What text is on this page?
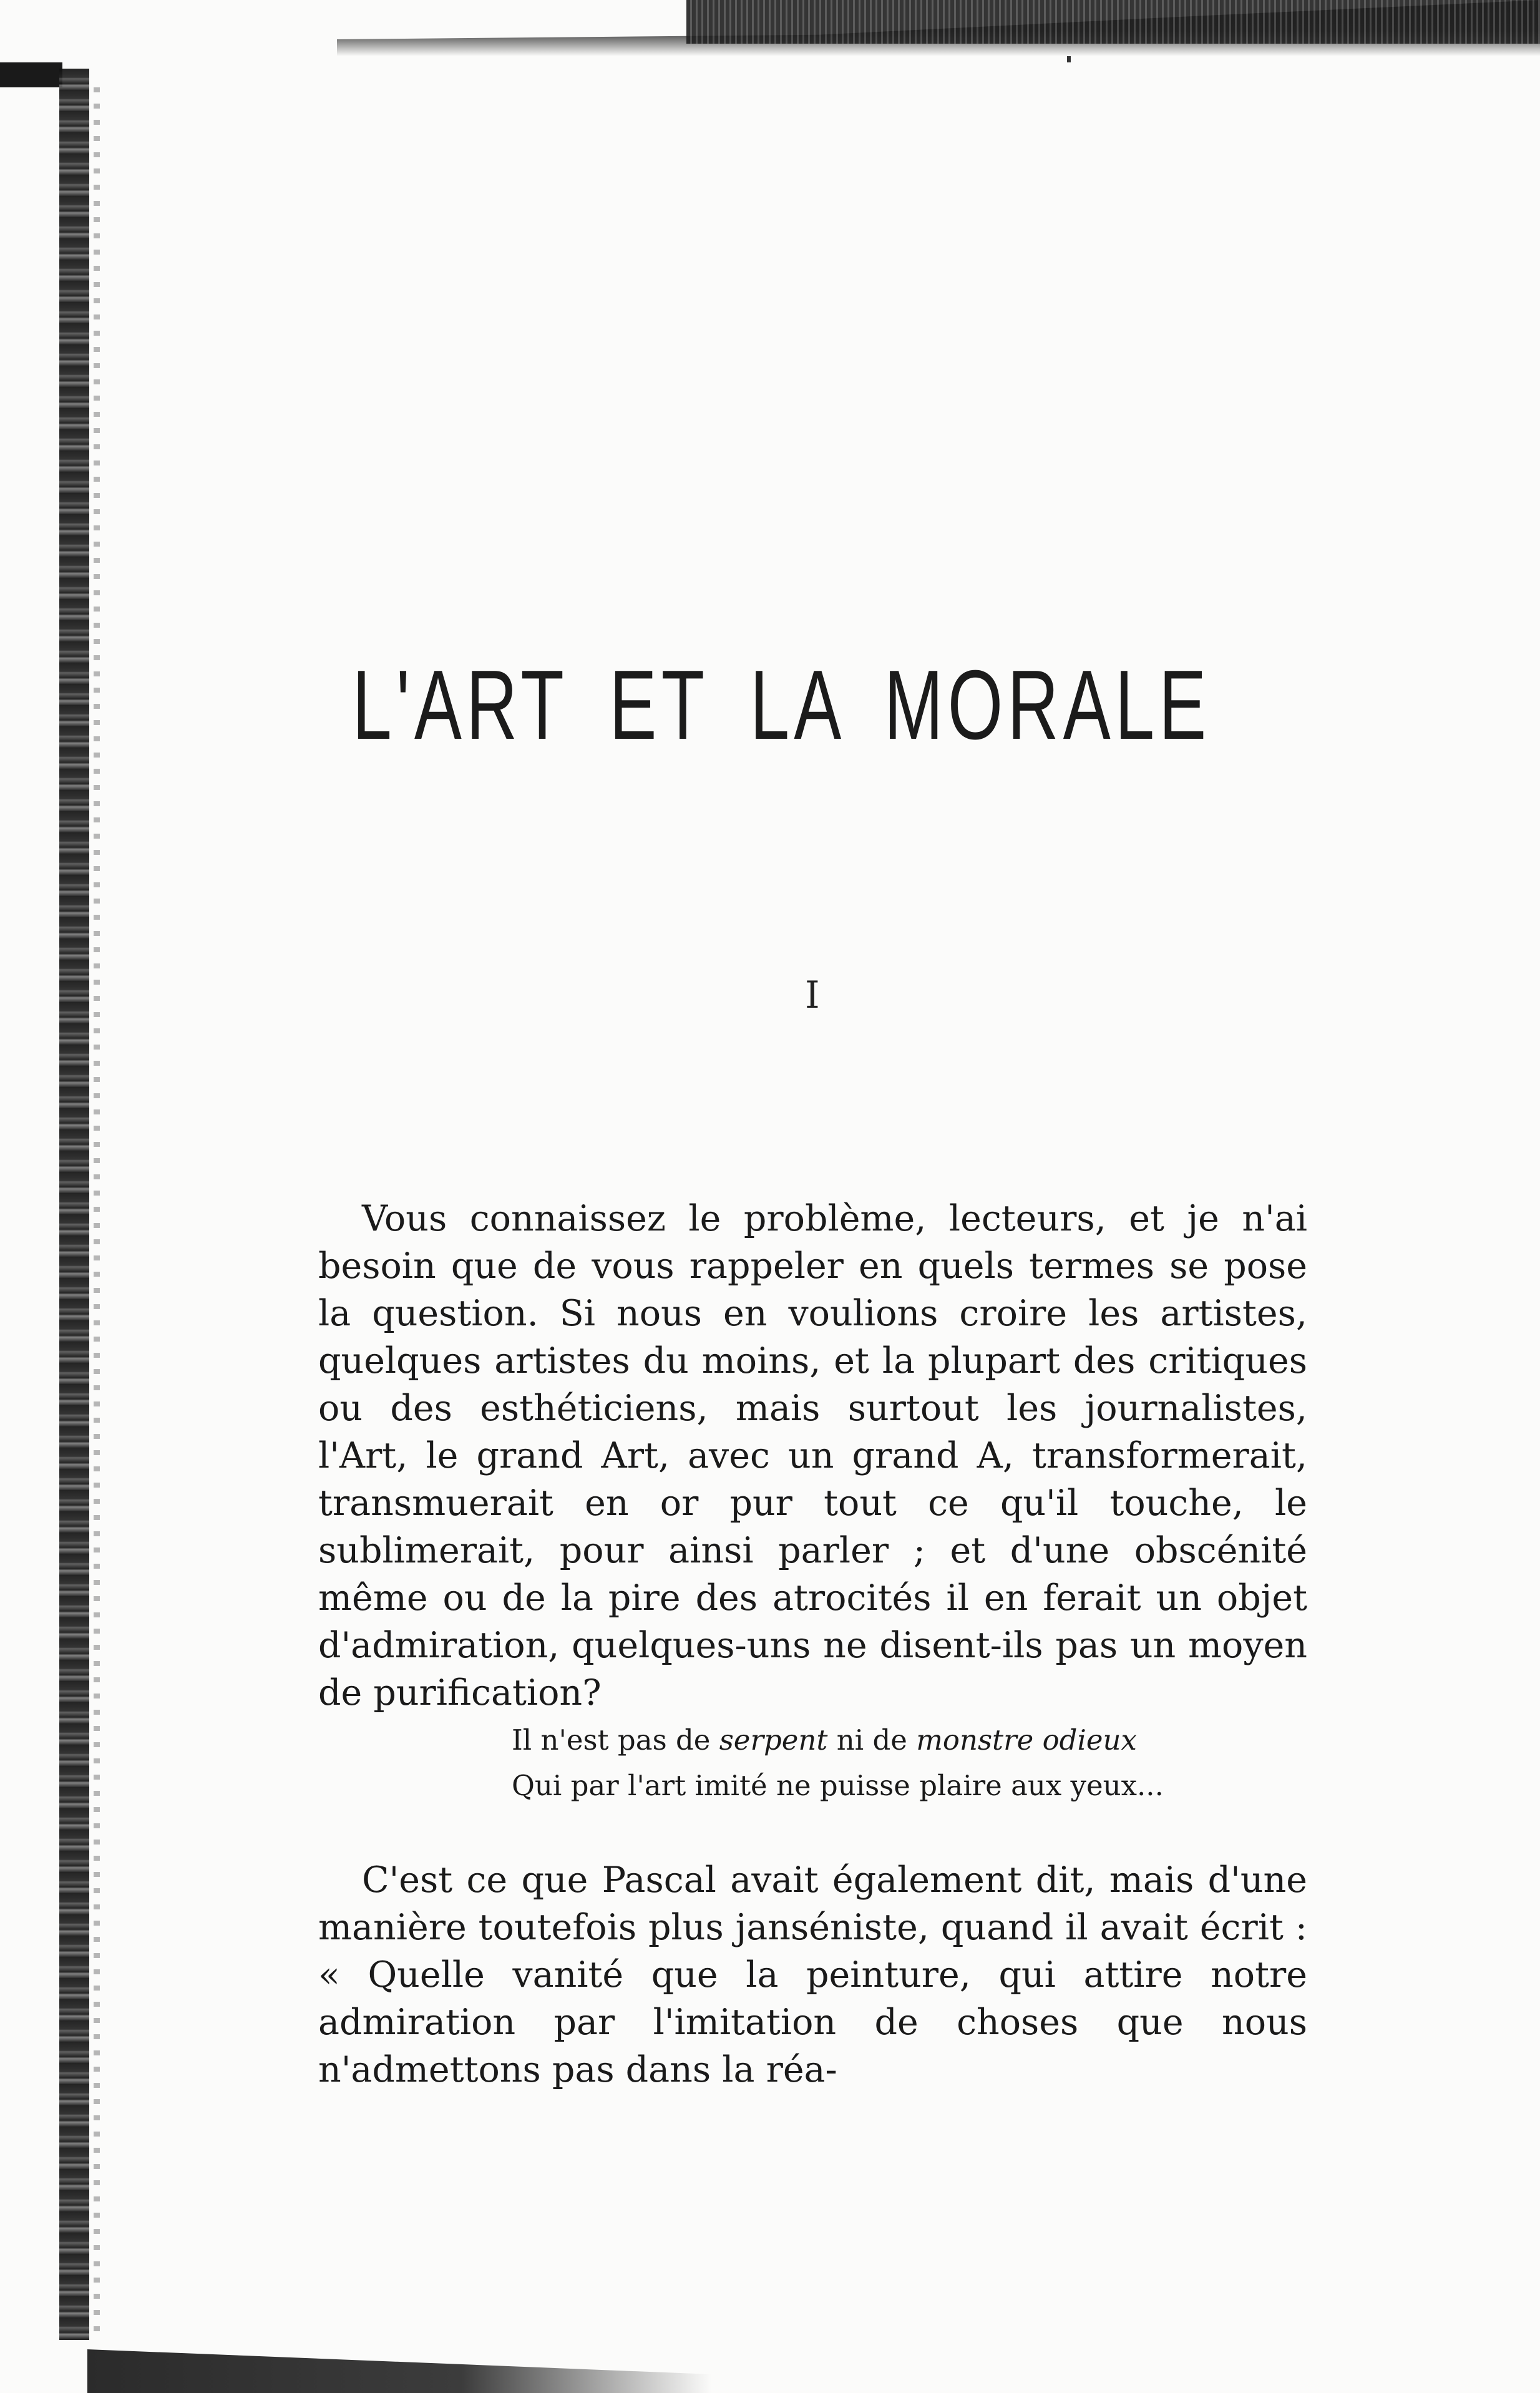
L'ART ET LA MORALE
I

Vous connaissez le problème, lecteurs, et je n'ai besoin que de vous rappeler en quels termes se pose la question. Si nous en voulions croire les artistes, quelques artistes du moins, et la plupart des critiques ou des esthéticiens, mais surtout les journalistes, l'Art, le grand Art, avec un grand A, transformerait, transmuerait en or pur tout ce qu'il touche, le sublimerait, pour ainsi parler ; et d'une obscénité même ou de la pire des atrocités il en ferait un objet d'admiration, quelques-uns ne disent-ils pas un moyen de purification?

Il n'est pas de serpent ni de monstre odieux
Qui par l'art imité ne puisse plaire aux yeux...

C'est ce que Pascal avait également dit, mais d'une manière toutefois plus janséniste, quand il avait écrit : « Quelle vanité que la peinture, qui attire notre admiration par l'imitation de choses que nous n'admettons pas dans la réa-
